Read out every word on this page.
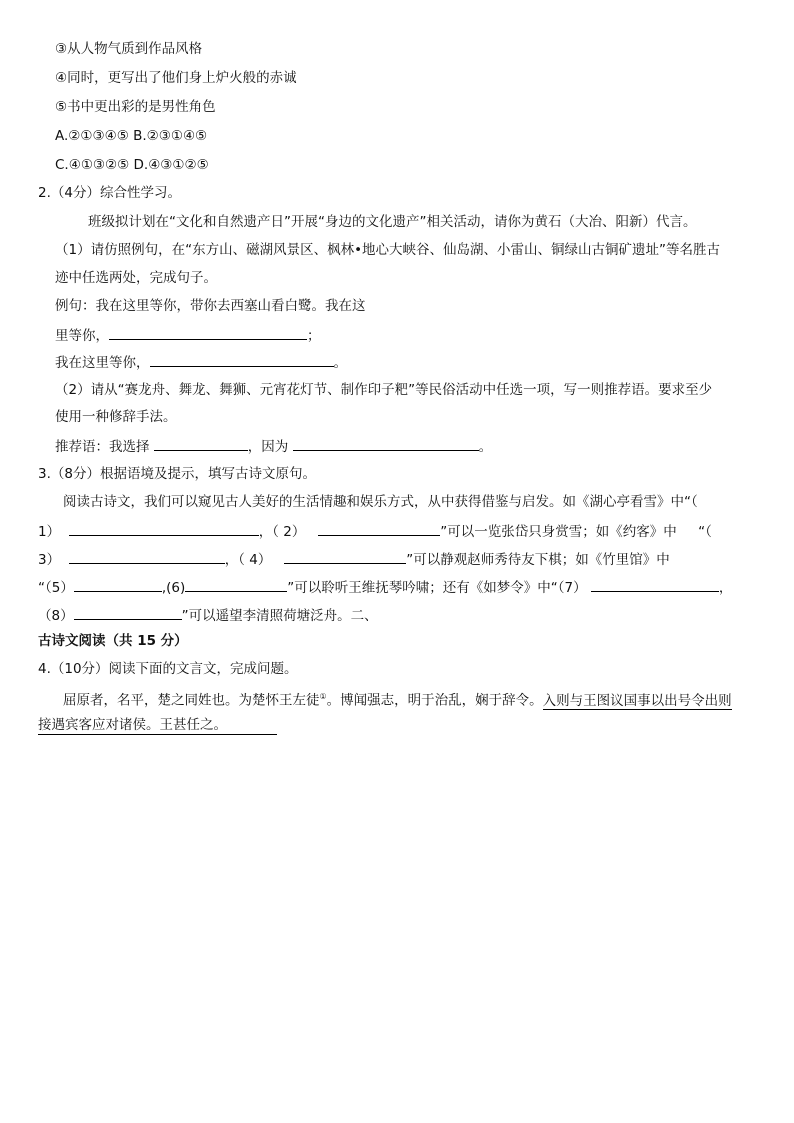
③从人物气质到作品风格
④同时，更写出了他们身上炉火般的赤诚
⑤书中更出彩的是男性角色
A.②①③④⑤ B.②③①④⑤
C.④①③②⑤ D.④③①②⑤
2.（4分）综合性学习。
班级拟计划在“文化和自然遗产日”开展“身边的文化遗产”相关活动，请你为黄石（大冶、阳新）代言。
（1）请仿照例句，在“东方山、磁湖风景区、枫林•地心大峡谷、仙岛湖、小雷山、铜绿山古铜矿遗址”等名胜古
迹中任选两处，完成句子。
例句：我在这里等你，带你去西塞山看白鹭。我在这
里等你，	；
我在这里等你，	。
（2）请从“赛龙舟、舞龙、舞狮、元宵花灯节、制作印子粑”等民俗活动中任选一项，写一则推荐语。要求至少
使用一种修辞手法。
推荐语：我选择	，因为	。
3.（8分）根据语境及提示，填写古诗文原句。
阅读古诗文，我们可以窥见古人美好的生活情趣和娱乐方式，从中获得借鉴与启发。如《湖心亭看雪》中“（
1）	，（ 2）	”可以一览张岱只身赏雪；如《约客》中 “（
3）	，（ 4）	”可以静观赵师秀待友下棋；如《竹里馆》中
“（5）	,(6)	”可以聆听王维抚琴吟啸；还有《如梦令》中“（7）	，
（8）	”可以遥望李清照荷塘泛舟。二、
古诗文阅读（共 15 分）
4.（10分）阅读下面的文言文，完成问题。
屈原者，名平，楚之同姓也。为楚怀王左徒①。博闻强志，明于治乱，娴于辞令。入则与王图议国事以出号令出则
接遇宾客应对诸侯。王甚任之。
